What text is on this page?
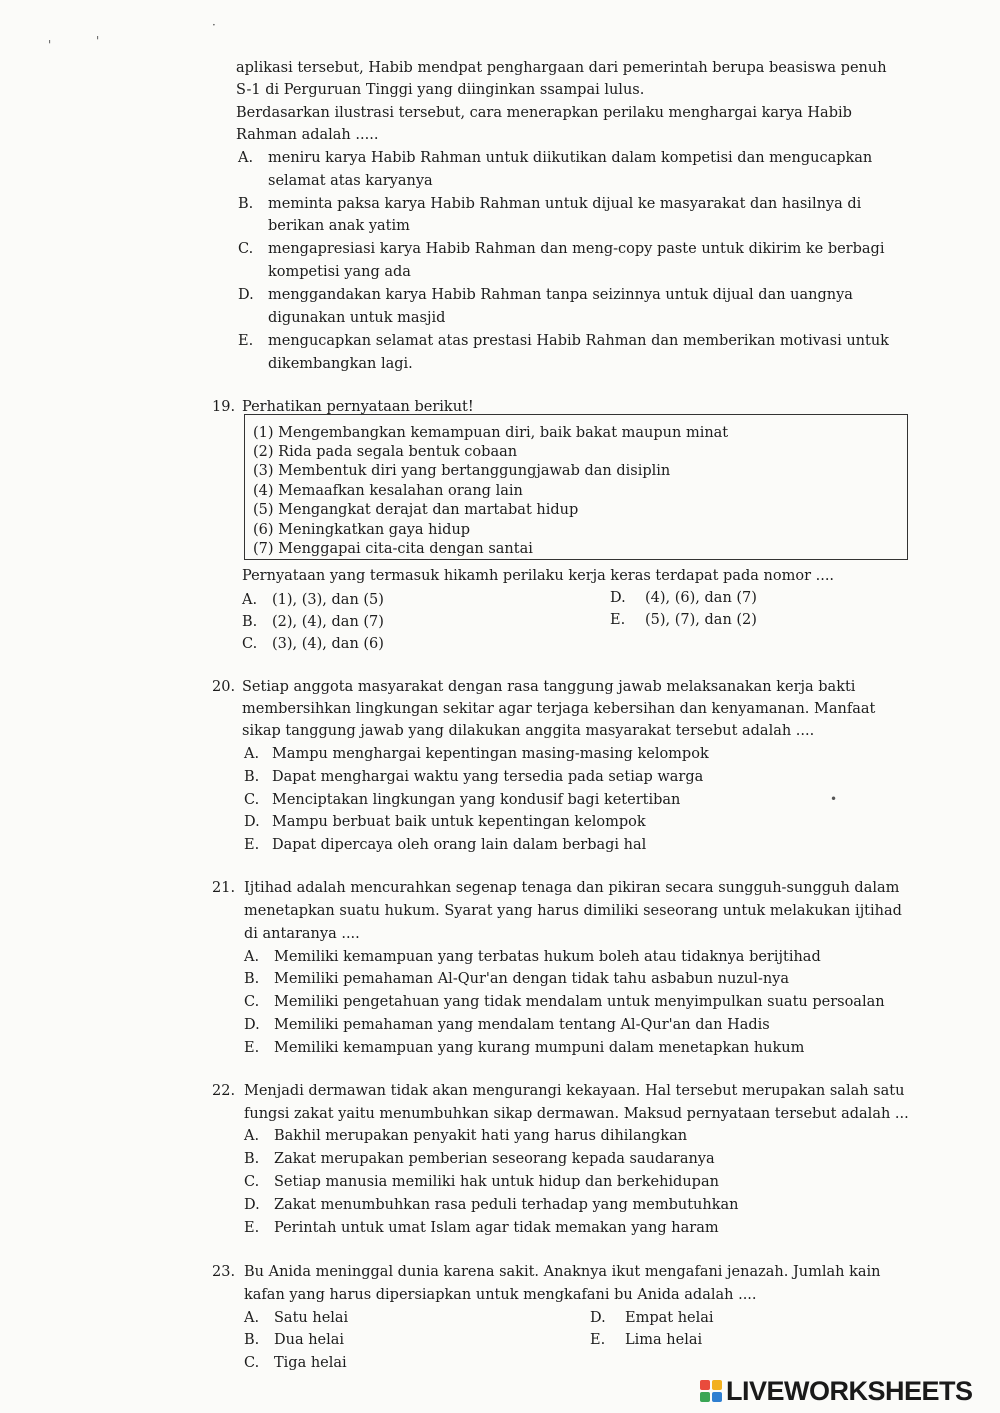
'	'
·
aplikasi tersebut, Habib mendpat penghargaan dari pemerintah berupa beasiswa penuh
S-1 di Perguruan Tinggi yang diinginkan ssampai lulus.
Berdasarkan ilustrasi tersebut, cara menerapkan perilaku menghargai karya Habib
Rahman adalah .....
A. meniru karya Habib Rahman untuk diikutikan dalam kompetisi dan mengucapkan
selamat atas karyanya
B. meminta paksa karya Habib Rahman untuk dijual ke masyarakat dan hasilnya di
berikan anak yatim
C. mengapresiasi karya Habib Rahman dan meng-copy paste untuk dikirim ke berbagi
kompetisi yang ada
D. menggandakan karya Habib Rahman tanpa seizinnya untuk dijual dan uangnya
digunakan untuk masjid
E. mengucapkan selamat atas prestasi Habib Rahman dan memberikan motivasi untuk
dikembangkan lagi.
19. Perhatikan pernyataan berikut!
(1) Mengembangkan kemampuan diri, baik bakat maupun minat
(2) Rida pada segala bentuk cobaan
(3) Membentuk diri yang bertanggungjawab dan disiplin
(4) Memaafkan kesalahan orang lain
(5) Mengangkat derajat dan martabat hidup
(6) Meningkatkan gaya hidup
(7) Menggapai cita-cita dengan santai
Pernyataan yang termasuk hikamh perilaku kerja keras terdapat pada nomor ....
A. (1), (3), dan (5)
B. (2), (4), dan (7)
C. (3), (4), dan (6)
D. (4), (6), dan (7)
E. (5), (7), dan (2)
20. Setiap anggota masyarakat dengan rasa tanggung jawab melaksanakan kerja bakti
membersihkan lingkungan sekitar agar terjaga kebersihan dan kenyamanan. Manfaat
sikap tanggung jawab yang dilakukan anggita masyarakat tersebut adalah ....
A. Mampu menghargai kepentingan masing-masing kelompok
B. Dapat menghargai waktu yang tersedia pada setiap warga
C. Menciptakan lingkungan yang kondusif bagi ketertiban
D. Mampu berbuat baik untuk kepentingan kelompok
E. Dapat dipercaya oleh orang lain dalam berbagi hal
•
21. Ijtihad adalah mencurahkan segenap tenaga dan pikiran secara sungguh-sungguh dalam
menetapkan suatu hukum. Syarat yang harus dimiliki seseorang untuk melakukan ijtihad
di antaranya ....
A. Memiliki kemampuan yang terbatas hukum boleh atau tidaknya berijtihad
B. Memiliki pemahaman Al-Qur'an dengan tidak tahu asbabun nuzul-nya
C. Memiliki pengetahuan yang tidak mendalam untuk menyimpulkan suatu persoalan
D. Memiliki pemahaman yang mendalam tentang Al-Qur'an dan Hadis
E. Memiliki kemampuan yang kurang mumpuni dalam menetapkan hukum
22. Menjadi dermawan tidak akan mengurangi kekayaan. Hal tersebut merupakan salah satu
fungsi zakat yaitu menumbuhkan sikap dermawan. Maksud pernyataan tersebut adalah ...
A. Bakhil merupakan penyakit hati yang harus dihilangkan
B. Zakat merupakan pemberian seseorang kepada saudaranya
C. Setiap manusia memiliki hak untuk hidup dan berkehidupan
D. Zakat menumbuhkan rasa peduli terhadap yang membutuhkan
E. Perintah untuk umat Islam agar tidak memakan yang haram
23. Bu Anida meninggal dunia karena sakit. Anaknya ikut mengafani jenazah. Jumlah kain
kafan yang harus dipersiapkan untuk mengkafani bu Anida adalah ....
A. Satu helai
B. Dua helai
C. Tiga helai
D. Empat helai
E. Lima helai
LIVEWORKSHEETS
